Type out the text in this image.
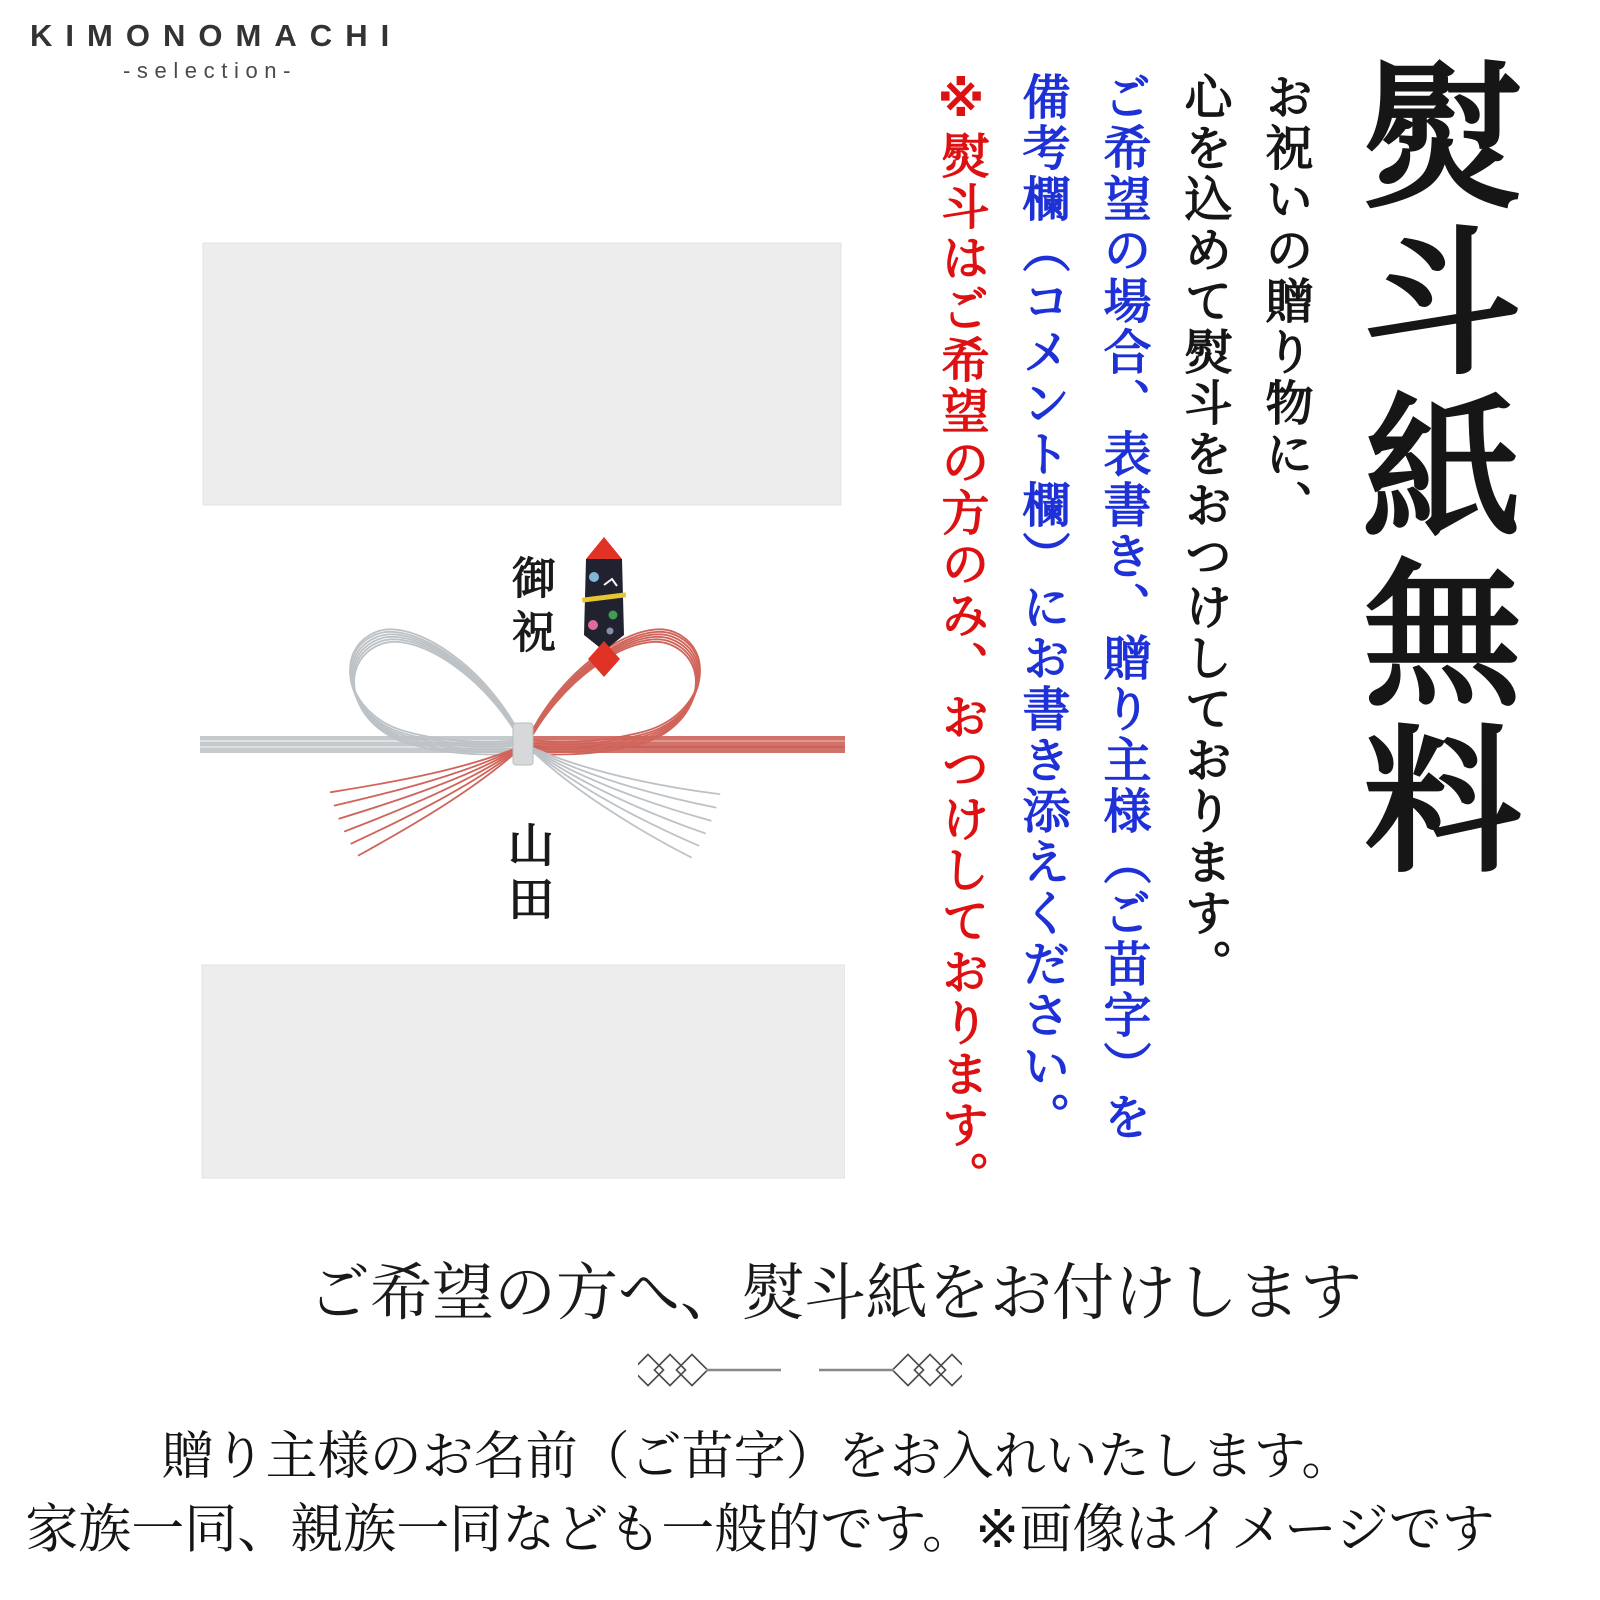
KIMONOMACHI
-selection-	熨斗紙無料
お祝いの贈り物に、
心を込めて熨斗をおつけしております。
ご希望の場合、表書き、贈り主様（ご苗字）を
備考欄（コメント欄）にお書き添えください。
※熨斗はご希望の方のみ、おつけしております。
御祝
山田
ご希望の方へ、熨斗紙をお付けします
贈り主様のお名前（ご苗字）をお入れいたします。
家族一同、親族一同なども一般的です。※画像はイメージです
